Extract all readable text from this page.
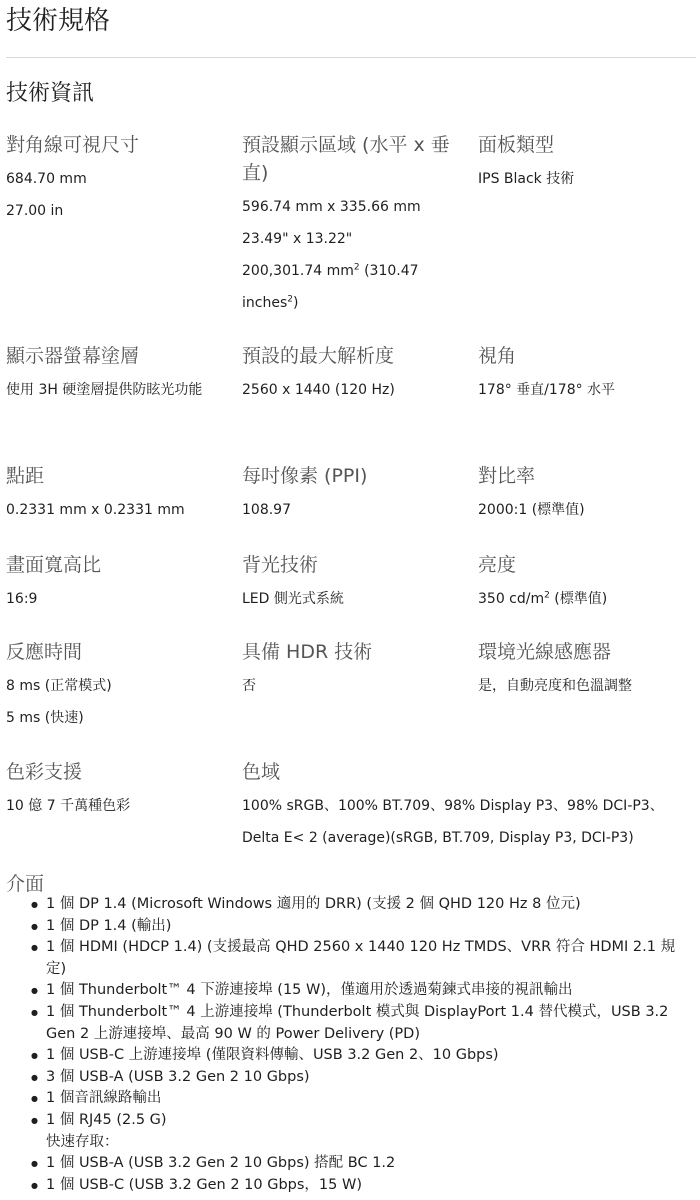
技術規格
技術資訊
對角線可視尺寸
684.70 mm
27.00 in
預設顯示區域 (水平 x 垂直)
596.74 mm x 335.66 mm
23.49" x 13.22"
200,301.74 $mm^2$ (310.47 inches$^2$)
面板類型
IPS Black 技術
顯示器螢幕塗層
使用 3H 硬塗層提供防眩光功能
預設的最大解析度
2560 x 1440 (120 Hz)
視角
178° 垂直/178° 水平
點距
0.2331 mm x 0.2331 mm
每吋像素 (PPI)
108.97
對比率
2000:1 (標準值)
畫面寬高比
16:9
背光技術
LED 側光式系統
亮度
350 $cd/m^2$ (標準值)
反應時間
8 ms (正常模式)
5 ms (快速)
具備 HDR 技術
否
環境光線感應器
是，自動亮度和色溫調整
色彩支援
10 億 7 千萬種色彩
色域
100% sRGB、100% BT.709、98% Display P3、98% DCI-P3、Delta E< 2 (average)(sRGB, BT.709, Display P3, DCI-P3)
介面
● 1 個 DP 1.4 (Microsoft Windows 適用的 DRR) (支援 2 個 QHD 120 Hz 8 位元)
● 1 個 DP 1.4 (輸出)
● 1 個 HDMI (HDCP 1.4) (支援最高 QHD 2560 x 1440 120 Hz TMDS、VRR 符合 HDMI 2.1 規定)
● 1 個 Thunderbolt™ 4 下游連接埠 (15 W)，僅適用於透過菊鍊式串接的視訊輸出
● 1 個 Thunderbolt™ 4 上游連接埠 (Thunderbolt 模式與 DisplayPort 1.4 替代模式，USB 3.2 Gen 2 上游連接埠、最高 90 W 的 Power Delivery (PD)
● 1 個 USB-C 上游連接埠 (僅限資料傳輸、USB 3.2 Gen 2、10 Gbps)
● 3 個 USB-A (USB 3.2 Gen 2 10 Gbps)
● 1 個音訊線路輸出
● 1 個 RJ45 (2.5 G)
快速存取：
● 1 個 USB-A (USB 3.2 Gen 2 10 Gbps) 搭配 BC 1.2
● 1 個 USB-C (USB 3.2 Gen 2 10 Gbps，15 W)
